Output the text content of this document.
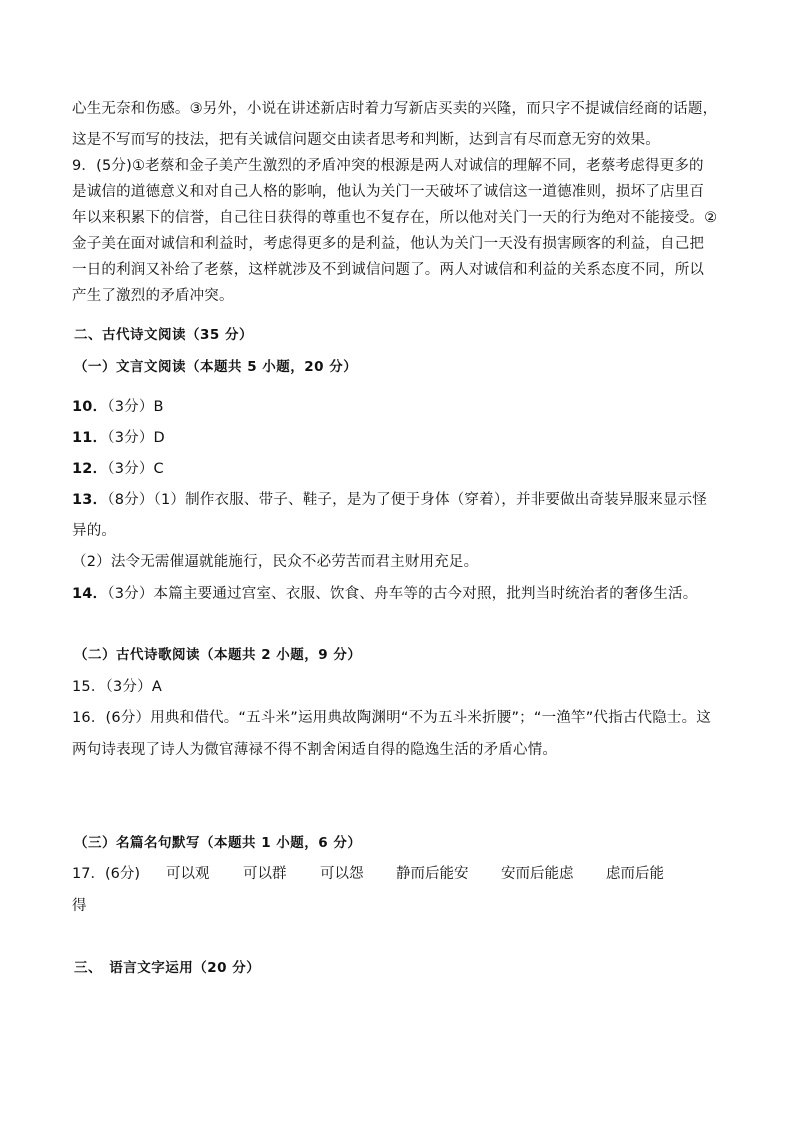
心生无奈和伤感。③另外，小说在讲述新店时着力写新店买卖的兴隆，而只字不提诚信经商的话题，
这是不写而写的技法，把有关诚信问题交由读者思考和判断，达到言有尽而意无穷的效果。
9．(5分)①老蔡和金子美产生激烈的矛盾冲突的根源是两人对诚信的理解不同，老蔡考虑得更多的
是诚信的道德意义和对自己人格的影响，他认为关门一天破坏了诚信这一道德准则，损坏了店里百
年以来积累下的信誉，自己往日获得的尊重也不复存在，所以他对关门一天的行为绝对不能接受。②
金子美在面对诚信和利益时，考虑得更多的是利益，他认为关门一天没有损害顾客的利益，自己把
一日的利润又补给了老蔡，这样就涉及不到诚信问题了。两人对诚信和利益的关系态度不同，所以
产生了激烈的矛盾冲突。
二、古代诗文阅读（35 分）
（一）文言文阅读（本题共 5 小题，20 分）
10．（3分）B
11．（3分）D
12．（3分）C
13．（8分）（1）制作衣服、带子、鞋子，是为了便于身体（穿着），并非要做出奇装异服来显示怪
异的。
（2）法令无需催逼就能施行，民众不必劳苦而君主财用充足。
14．（3分）本篇主要通过宫室、衣服、饮食、舟车等的古今对照，批判当时统治者的奢侈生活。
（二）古代诗歌阅读（本题共 2 小题，9 分）
15．（3分）A
16．(6分）用典和借代。“五斗米”运用典故陶渊明“不为五斗米折腰”；“一渔竿”代指古代隐士。这
两句诗表现了诗人为微官薄禄不得不割舍闲适自得的隐逸生活的矛盾心情。
（三）名篇名句默写（本题共 1 小题，6 分）
17．(6分) 可以观 可以群 可以怨 静而后能安 安而后能虑 虑而后能
得
三、　语言文字运用（20 分）
